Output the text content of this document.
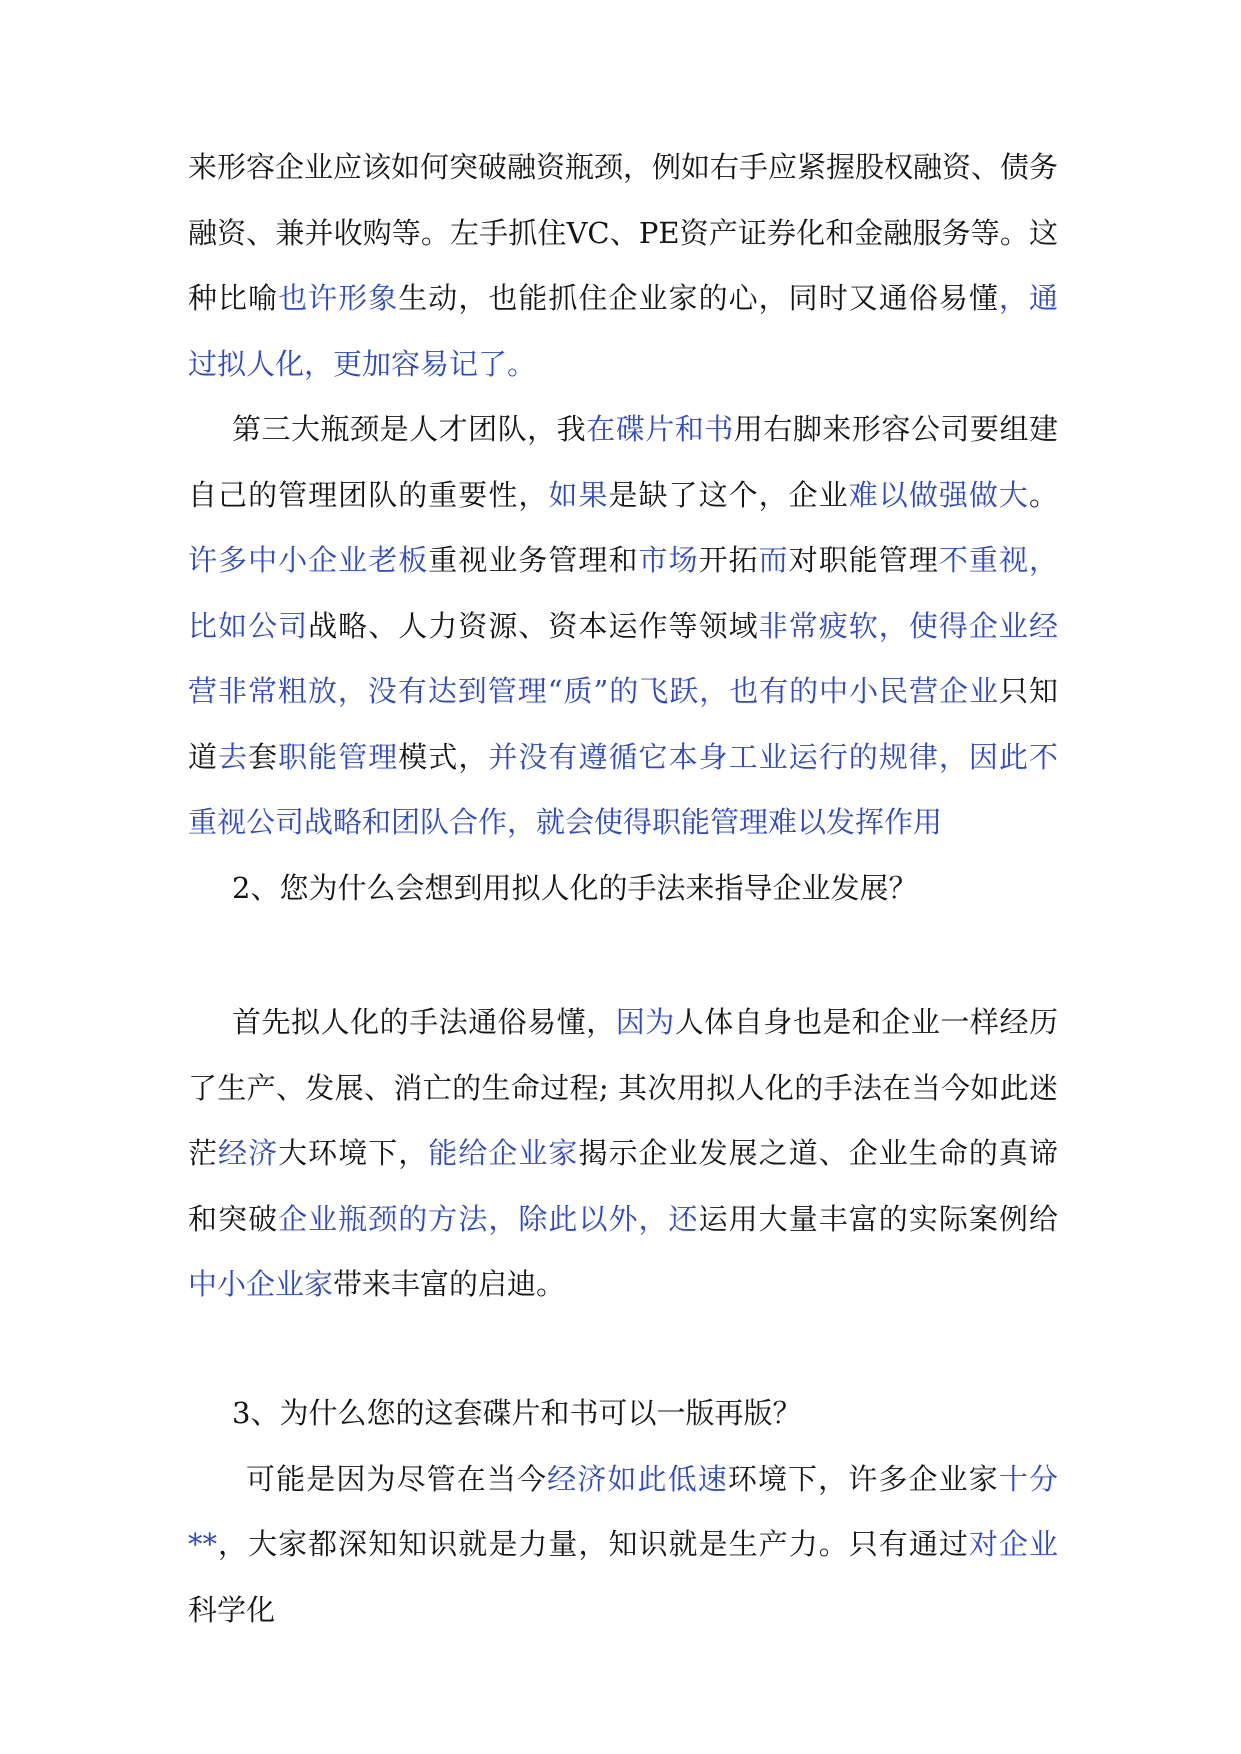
来形容企业应该如何突破融资瓶颈，例如右手应紧握股权融资、债务融资、兼并收购等。左手抓住VC、PE资产证券化和金融服务等。这种比喻也许形象生动，也能抓住企业家的心，同时又通俗易懂，通过拟人化，更加容易记了。

第三大瓶颈是人才团队，我在碟片和书用右脚来形容公司要组建自己的管理团队的重要性，如果是缺了这个，企业难以做强做大。许多中小企业老板重视业务管理和市场开拓而对职能管理不重视，比如公司战略、人力资源、资本运作等领域非常疲软，使得企业经营非常粗放，没有达到管理“质”的飞跃，也有的中小民营企业只知道去套职能管理模式，并没有遵循它本身工业运行的规律，因此不重视公司战略和团队合作，就会使得职能管理难以发挥作用

2、您为什么会想到用拟人化的手法来指导企业发展？

首先拟人化的手法通俗易懂，因为人体自身也是和企业一样经历了生产、发展、消亡的生命过程; 其次用拟人化的手法在当今如此迷茫经济大环境下，能给企业家揭示企业发展之道、企业生命的真谛和突破企业瓶颈的方法，除此以外，还运用大量丰富的实际案例给中小企业家带来丰富的启迪。

3、为什么您的这套碟片和书可以一版再版？

可能是因为尽管在当今经济如此低速环境下，许多企业家十分**，大家都深知知识就是力量，知识就是生产力。只有通过对企业科学化
